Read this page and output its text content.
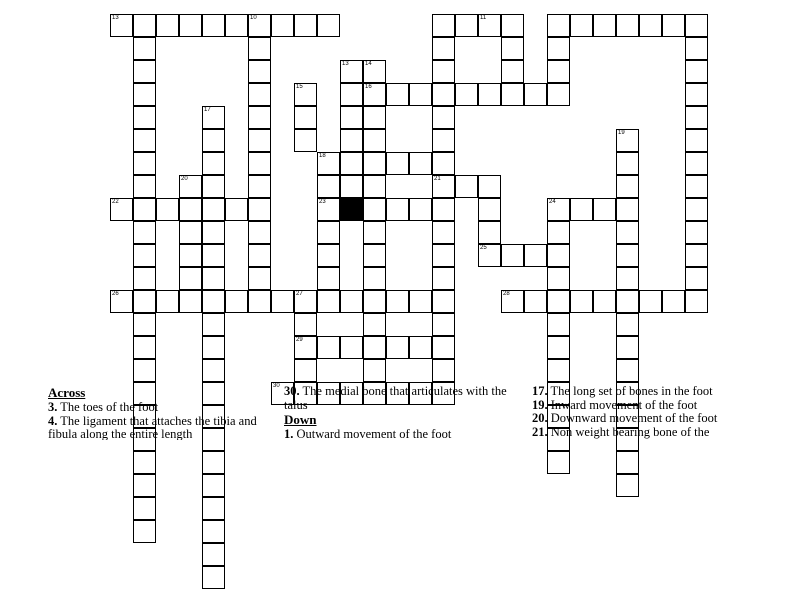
13	10	11
13	14
15	16
17
19
18
20	21
22	23	24
25
26	27	28
29
30
Across
3. The toes of the foot
4. The ligament that attaches the tibia and fibula along the entire length
30. The medial bone that articulates with the talus
Down
1. Outward movement of the foot
17. The long set of bones in the foot
19. Inward movement of the foot
20. Downward movement of the foot
21. Non weight bearing bone of the
